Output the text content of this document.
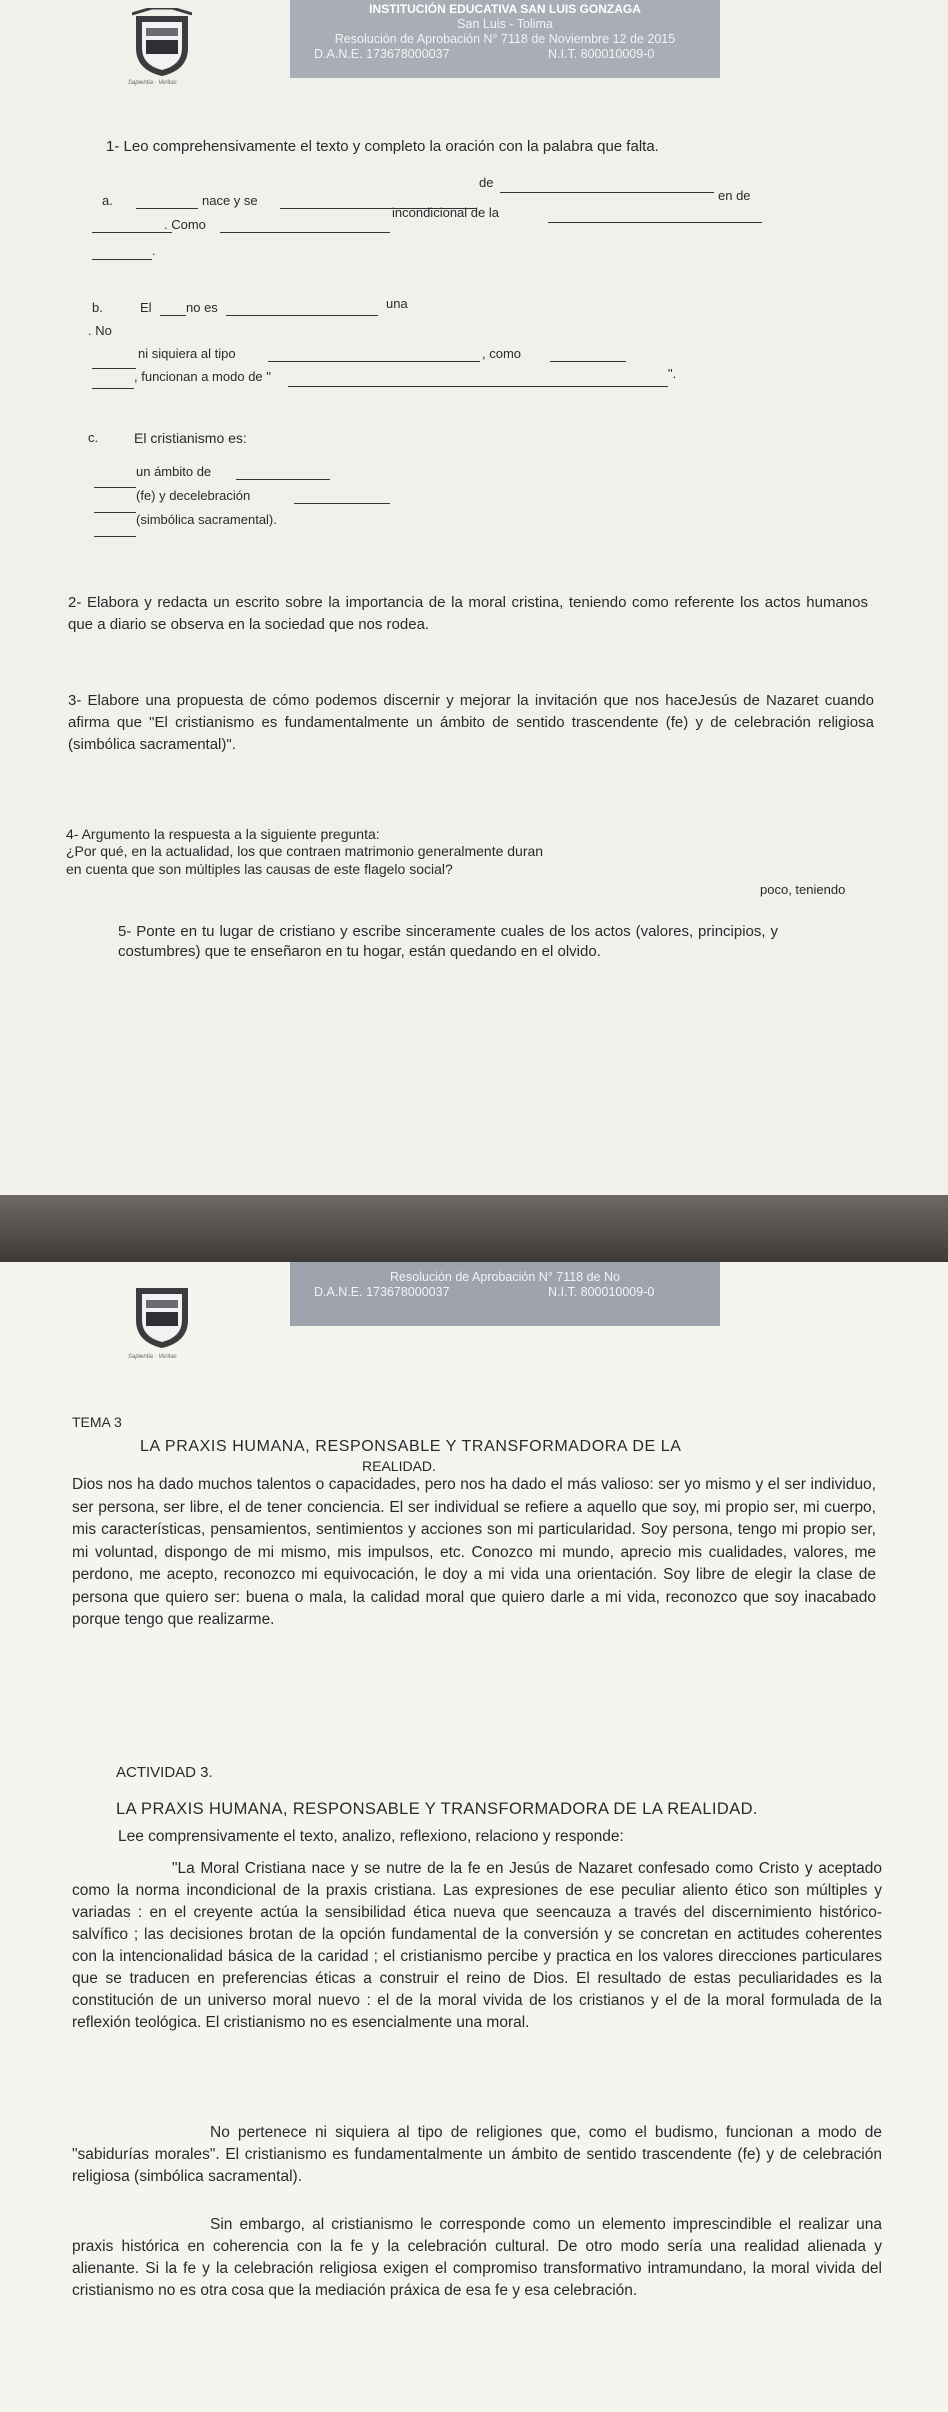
Sapientia · Veritas
INSTITUCIÓN EDUCATIVA SAN LUIS GONZAGA
San Luis - Tolima
Resolución de Aprobación N° 7118 de Noviembre 12 de 2015
D.A.N.E. 173678000037	N.I.T. 800010009-0
1- Leo comprehensivamente el texto y completo la oración con la palabra que falta.
a.
de
nace y se	en de
. Como
incondicional de la
.
b.	El	no es	una
. No
ni siquiera al tipo	, como
, funcionan a modo de "	".
c.	El cristianismo es:
un ámbito de
(fe) y decelebración
(simbólica sacramental).
2- Elabora y redacta un escrito sobre la importancia de la moral cristina, teniendo como referente los actos humanos que a diario se observa en la sociedad que nos rodea.
3- Elabore una propuesta de cómo podemos discernir y mejorar la invitación que nos haceJesús de Nazaret cuando afirma que "El cristianismo es fundamentalmente un ámbito de sentido trascendente (fe) y de celebración religiosa (simbólica sacramental)".
4- Argumento la respuesta a la siguiente pregunta:
¿Por qué, en la actualidad, los que contraen matrimonio generalmente duran
poco, teniendo
en cuenta que son múltiples las causas de este flagelo social?
5- Ponte en tu lugar de cristiano y escribe sinceramente cuales de los actos (valores, principios, y costumbres) que te enseñaron en tu hogar, están quedando en el olvido.
Sapientia · Veritas
Resolución de Aprobación N° 7118 de No
D.A.N.E. 173678000037	N.I.T. 800010009-0
TEMA 3
LA PRAXIS HUMANA, RESPONSABLE Y TRANSFORMADORA DE LA
REALIDAD.
Dios nos ha dado muchos talentos o capacidades, pero nos ha dado el más valioso: ser yo mismo y el ser individuo, ser persona, ser libre, el de tener conciencia. El ser individual se refiere a aquello que soy, mi propio ser, mi cuerpo, mis características, pensamientos, sentimientos y acciones son mi particularidad. Soy persona, tengo mi propio ser, mi voluntad, dispongo de mi mismo, mis impulsos, etc. Conozco mi mundo, aprecio mis cualidades, valores, me perdono, me acepto, reconozco mi equivocación, le doy a mi vida una orientación. Soy libre de elegir la clase de persona que quiero ser: buena o mala, la calidad moral que quiero darle a mi vida, reconozco que soy inacabado porque tengo que realizarme.
ACTIVIDAD 3.
LA PRAXIS HUMANA, RESPONSABLE Y TRANSFORMADORA DE LA REALIDAD.
Lee comprensivamente el texto, analizo, reflexiono, relaciono y responde:
"La Moral Cristiana nace y se nutre de la fe en Jesús de Nazaret confesado como Cristo y aceptado como la norma incondicional de la praxis cristiana. Las expresiones de ese peculiar aliento ético son múltiples y variadas : en el creyente actúa la sensibilidad ética nueva que seencauza a través del discernimiento histórico-salvífico ; las decisiones brotan de la opción fundamental de la conversión y se concretan en actitudes coherentes con la intencionalidad básica de la caridad ; el cristianismo percibe y practica en los valores direcciones particulares que se traducen en preferencias éticas a construir el reino de Dios. El resultado de estas peculiaridades es la constitución de un universo moral nuevo : el de la moral vivida de los cristianos y el de la moral formulada de la reflexión teológica. El cristianismo no es esencialmente una moral.
No pertenece ni siquiera al tipo de religiones que, como el budismo, funcionan a modo de "sabidurías morales". El cristianismo es fundamentalmente un ámbito de sentido trascendente (fe) y de celebración religiosa (simbólica sacramental).
Sin embargo, al cristianismo le corresponde como un elemento imprescindible el realizar una praxis histórica en coherencia con la fe y la celebración cultural. De otro modo sería una realidad alienada y alienante. Si la fe y la celebración religiosa exigen el compromiso transformativo intramundano, la moral vivida del cristianismo no es otra cosa que la mediación práxica de esa fe y esa celebración.
